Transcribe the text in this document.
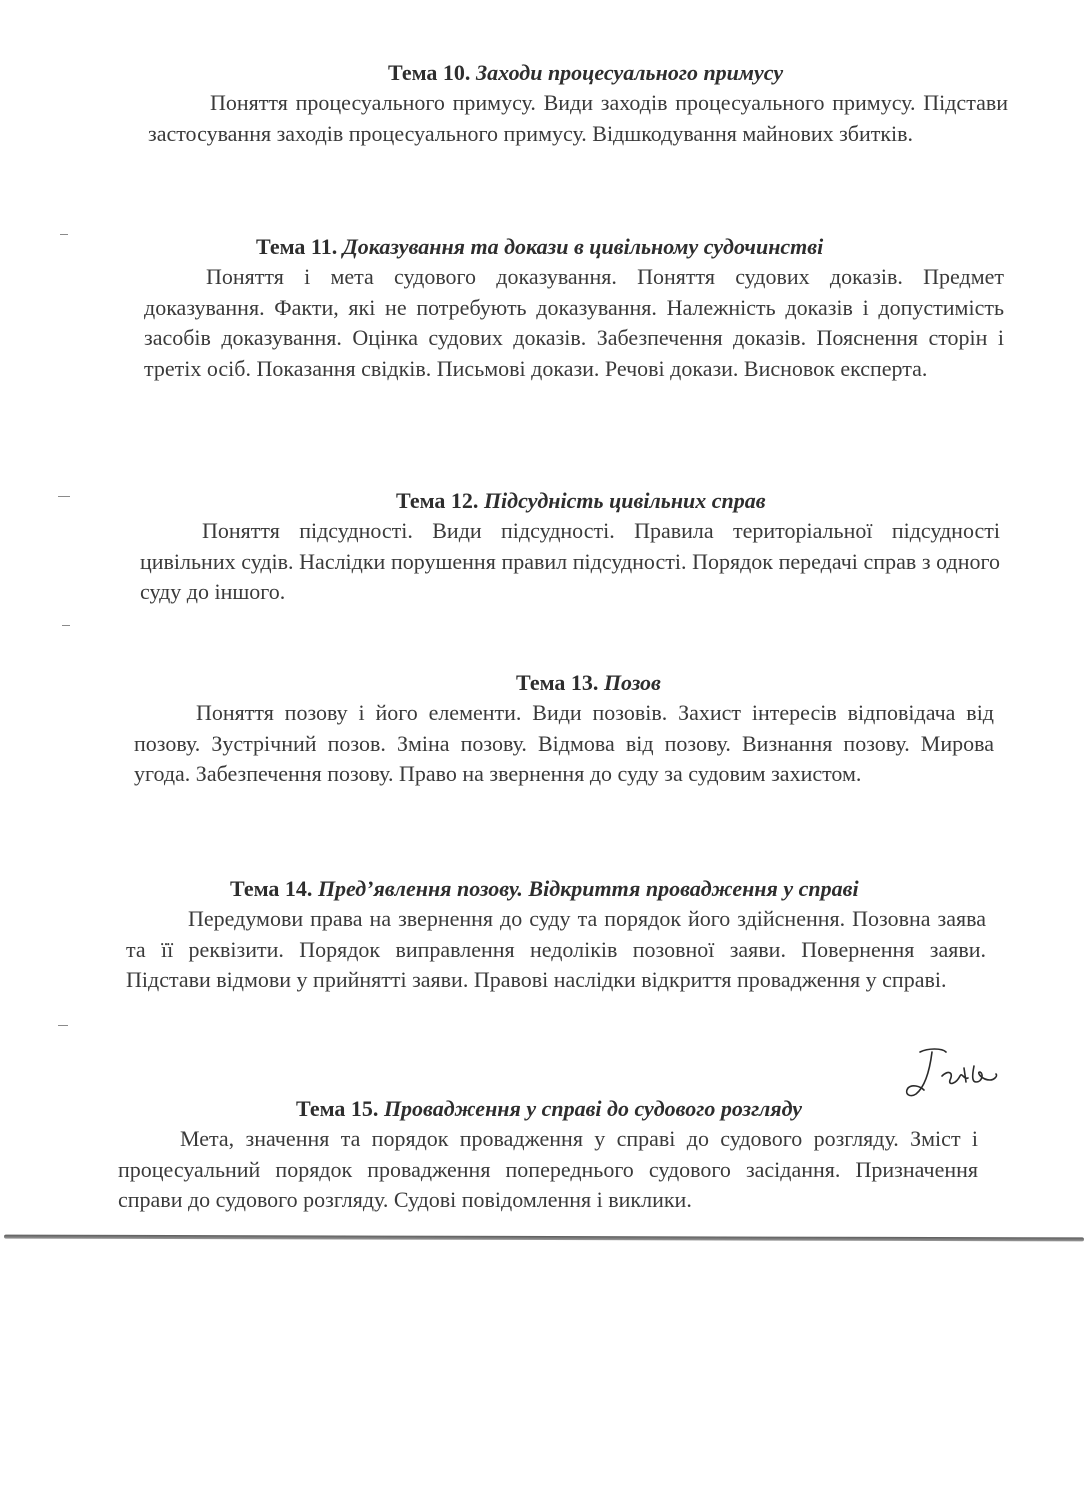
Тема 10. Заходи процесуального примусу

Поняття процесуального примусу. Види заходів процесуального примусу. Підстави застосування заходів процесуального примусу. Відшкодування майнових збитків.

Тема 11. Доказування та докази в цивільному судочинстві

Поняття і мета судового доказування. Поняття судових доказів. Предмет доказування. Факти, які не потребують доказування. Належність доказів і допустимість засобів доказування. Оцінка судових доказів. Забезпечення доказів. Пояснення сторін і третіх осіб. Показання свідків. Письмові докази. Речові докази. Висновок експерта.

Тема 12. Підсудність цивільних справ

Поняття підсудності. Види підсудності. Правила територіальної підсудності цивільних судів. Наслідки порушення правил підсудності. Порядок передачі справ з одного суду до іншого.

Тема 13. Позов

Поняття позову і його елементи. Види позовів. Захист інтересів відповідача від позову. Зустрічний позов. Зміна позову. Відмова від позову. Визнання позову. Мирова угода. Забезпечення позову. Право на звернення до суду за судовим захистом.

Тема 14. Пред’явлення позову. Відкриття провадження у справі

Передумови права на звернення до суду та порядок його здійснення. Позовна заява та її реквізити. Порядок виправлення недоліків позовної заяви. Повернення заяви. Підстави відмови у прийнятті заяви. Правові наслідки відкриття провадження у справі.

Тема 15. Провадження у справі до судового розгляду

Мета, значення та порядок провадження у справі до судового розгляду. Зміст і процесуальний порядок провадження попереднього судового засідання. Призначення справи до судового розгляду. Судові повідомлення і виклики.
